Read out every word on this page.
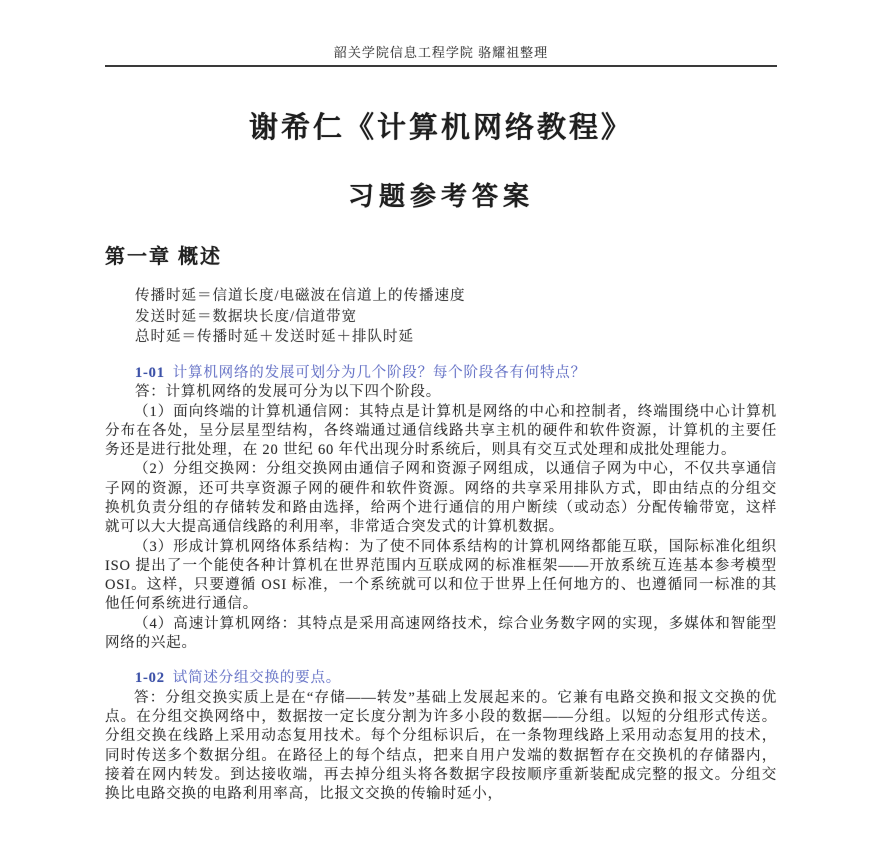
韶关学院信息工程学院 骆耀祖整理
谢希仁《计算机网络教程》
习题参考答案
第一章 概述

传播时延＝信道长度/电磁波在信道上的传播速度

发送时延＝数据块长度/信道带宽

总时延＝传播时延＋发送时延＋排队时延

1-01 计算机网络的发展可划分为几个阶段？每个阶段各有何特点？

答：计算机网络的发展可分为以下四个阶段。

（1）面向终端的计算机通信网：其特点是计算机是网络的中心和控制者，终端围绕中心计算机分布在各处，呈分层星型结构，各终端通过通信线路共享主机的硬件和软件资源，计算机的主要任务还是进行批处理，在 20 世纪 60 年代出现分时系统后，则具有交互式处理和成批处理能力。

（2）分组交换网：分组交换网由通信子网和资源子网组成，以通信子网为中心，不仅共享通信子网的资源，还可共享资源子网的硬件和软件资源。网络的共享采用排队方式，即由结点的分组交换机负责分组的存储转发和路由选择，给两个进行通信的用户断续（或动态）分配传输带宽，这样就可以大大提高通信线路的利用率，非常适合突发式的计算机数据。

（3）形成计算机网络体系结构：为了使不同体系结构的计算机网络都能互联，国际标准化组织 ISO 提出了一个能使各种计算机在世界范围内互联成网的标准框架——开放系统互连基本参考模型 OSI。这样，只要遵循 OSI 标准，一个系统就可以和位于世界上任何地方的、也遵循同一标准的其他任何系统进行通信。

（4）高速计算机网络：其特点是采用高速网络技术，综合业务数字网的实现，多媒体和智能型网络的兴起。

1-02 试简述分组交换的要点。

答：分组交换实质上是在“存储——转发”基础上发展起来的。它兼有电路交换和报文交换的优点。在分组交换网络中，数据按一定长度分割为许多小段的数据——分组。以短的分组形式传送。分组交换在线路上采用动态复用技术。每个分组标识后，在一条物理线路上采用动态复用的技术，同时传送多个数据分组。在路径上的每个结点，把来自用户发端的数据暂存在交换机的存储器内，接着在网内转发。到达接收端，再去掉分组头将各数据字段按顺序重新装配成完整的报文。分组交换比电路交换的电路利用率高，比报文交换的传输时延小，
